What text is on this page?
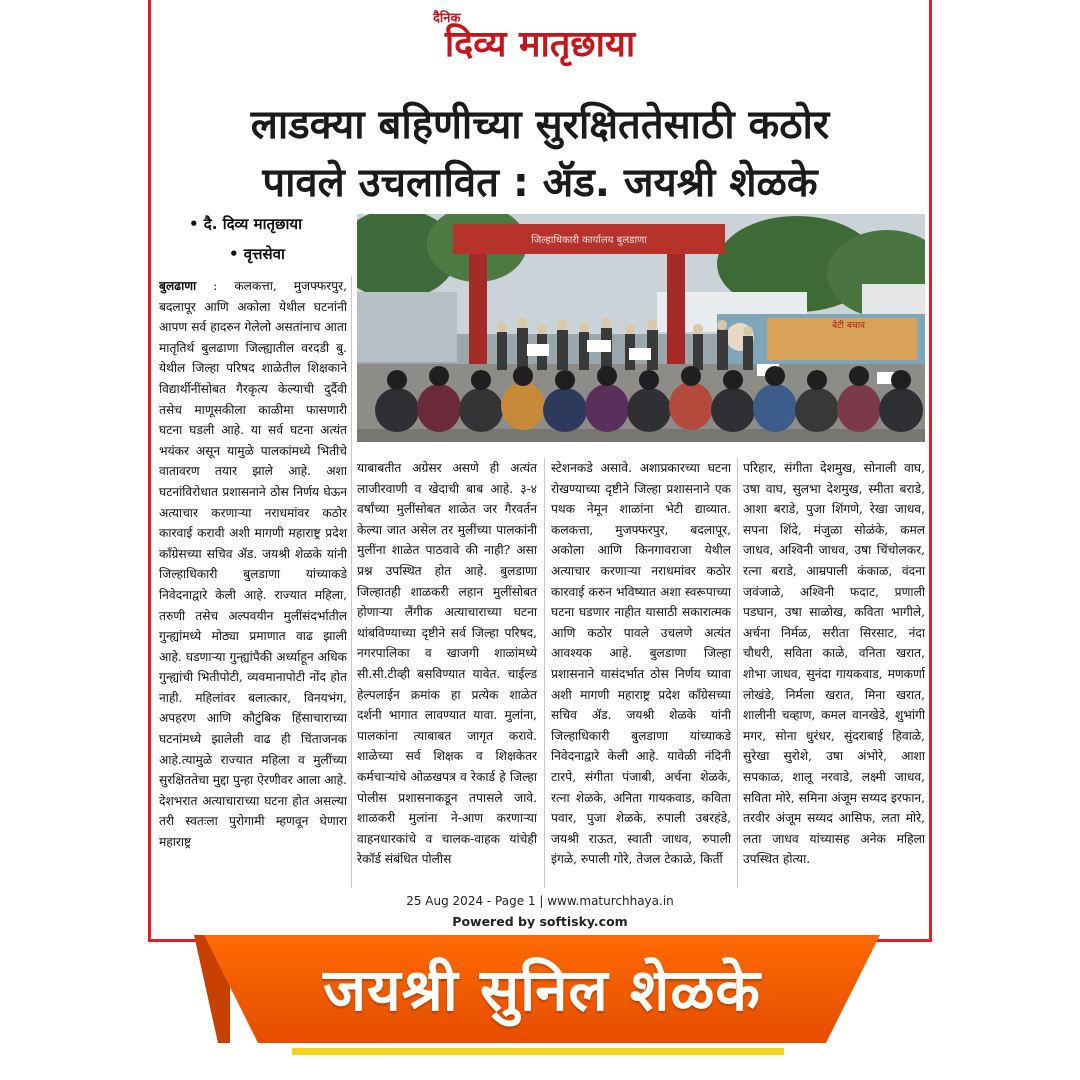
दैनिक
दिव्य मातृछाया
लाडक्या बहिणीच्या सुरक्षिततेसाठी कठोर
पावले उचलावित : ॲड. जयश्री शेळके
• दै. दिव्य मातृछाया
• वृत्तसेवा
बेटी बचाव
जिल्हाधिकारी कार्यालय बुलडाणा

बुलढाणा : कलकत्ता, मुजफ्फरपुर, बदलापूर आणि अकोला येथील घटनांनी आपण सर्व हादरुन गेलेलो असतांनाच आता मातृतिर्थ बुलढाणा जिल्ह्यातील वरदडी बु. येथील जिल्हा परिषद शाळेतील शिक्षकाने विद्यार्थीनींसोबत गैरकृत्य केल्याची दुर्दैवी तसेच माणूसकीला काळीमा फासणारी घटना घडली आहे. या सर्व घटना अत्यंत भयंकर असून यामुळे पालकांमध्ये भितीचे वातावरण तयार झाले आहे. अशा घटनांविरोधात प्रशासनाने ठोस निर्णय घेऊन अत्याचार करणाऱ्या नराधमांवर कठोर कारवाई करावी अशी मागणी महाराष्ट्र प्रदेश काँग्रेसच्या सचिव ॲड. जयश्री शेळके यांनी जिल्हाधिकारी बुलडाणा यांच्याकडे निवेदनाद्वारे केली आहे. राज्यात महिला, तरुणी तसेच अल्पवयीन मुलींसंदर्भातील गुन्ह्यांमध्ये मोठ्या प्रमाणात वाढ झाली आहे. घडणाऱ्या गुन्ह्यांपैकी अर्ध्याहून अधिक गुन्ह्यांची भितीपोटी, व्यवमानापोटी नोंद होत नाही. महिलांवर बलात्कार, विनयभंग, अपहरण आणि कौटुंबिक हिंसाचाराच्या घटनांमध्ये झालेली वाढ ही चिंताजनक आहे.त्यामुळे राज्यात महिला व मुलींच्या सुरक्षिततेचा मुद्दा पुन्हा ऐरणीवर आला आहे. देशभरात अत्याचाराच्या घटना होत असल्या तरी स्वतःला पुरोगामी म्हणवून घेणारा महाराष्ट्र

याबाबतीत अग्रेसर असणे ही अत्यंत लाजीरवाणी व खेदाची बाब आहे. ३-४ वर्षांच्या मुलींसोबत शाळेत जर गैरवर्तन केल्या जात असेल तर मुलींच्या पालकांनी मुलींना शाळेत पाठवावे की नाही? असा प्रश्न उपस्थित होत आहे. बुलडाणा जिल्हातही शाळकरी लहान मुलींसोबत होणाऱ्या लैंगीक अत्याचाराच्या घटना थांबविण्याच्या दृष्टीने सर्व जिल्हा परिषद, नगरपालिका व खाजगी शाळांमध्ये सी.सी.टीव्ही बसविण्यात यावेत. चाईल्ड हेल्पलाईन क्रमांक हा प्रत्येक शाळेत दर्शनी भागात लावण्यात यावा. मुलांना, पालकांना त्याबाबत जागृत करावे. शाळेच्या सर्व शिक्षक व शिक्षकेतर कर्मचाऱ्यांचे ओळखपत्र व रेकार्ड हे जिल्हा पोलीस प्रशासनाकडून तपासले जावे. शाळकरी मुलांना ने-आण करणाऱ्या वाहनधारकांचे व चालक-वाहक यांचेही रेकॉर्ड संबंधित पोलीस

स्टेशनकडे असावे. अशाप्रकारच्या घटना रोखण्याच्या दृष्टीने जिल्हा प्रशासनाने एक पथक नेमून शाळांना भेटी द्याव्यात. कलकत्ता, मुजफ्फरपुर, बदलापूर, अकोला आणि किनगावराजा येथील अत्याचार करणाऱ्या नराधमांवर कठोर कारवाई करुन भविष्यात अशा स्वरूपाच्या घटना घडणार नाहीत यासाठी सकारात्मक आणि कठोर पावले उचलणे अत्यंत आवश्यक आहे. बुलडाणा जिल्हा प्रशासनाने यासंदर्भात ठोस निर्णय घ्यावा अशी मागणी महाराष्ट्र प्रदेश काँग्रेसच्या सचिव ॲड. जयश्री शेळके यांनी जिल्हाधिकारी बुलडाणा यांच्याकडे निवेदनाद्वारे केली आहे. यावेळी नंदिनी टारपे, संगीता पंजाबी, अर्चना शेळके, रत्ना शेळके, अनिता गायकवाड, कविता पवार, पुजा शेळके, रुपाली उबरहंडे, जयश्री राऊत, स्वाती जाधव, रुपाली इंगळे, रुपाली गोरे, तेजल टेकाळे, किर्ती

परिहार, संगीता देशमुख, सोनाली वाघ, उषा वाघ, सुलभा देशमुख, स्मीता बराडे, आशा बराडे, पुजा शिंगणे, रेखा जाधव, सपना शिंदे, मंजुळा सोळंके, कमल जाधव, अश्विनी जाधव, उषा चिंचोलकर, रत्ना बराडे, आम्रपाली कंकाळ, वंदना जवंजाळे, अश्विनी फदाट, प्रणाली पडघान, उषा साळोख, कविता भागीले, अर्चना निर्मळ, सरीता सिरसाट, नंदा चौधरी, सविता काळे, वनिता खरात, शोभा जाधव, सुनंदा गायकवाड, मणकर्णा लोखंडे, निर्मला खरात, मिना खरात, शालीनी चव्हाण, कमल वानखेडे, शुभांगी मगर, सोना धुरंधर, सुंदराबाई हिवाळे, सुरेखा सुरोशे, उषा अंभोरे, आशा सपकाळ, शालू नरवाडे, लक्ष्मी जाधव, सविता मोरे, समिना अंजूम सय्यद इरफान, तरवीर अंजूम सय्यद आसिफ, लता मोरे, लता जाधव यांच्यासह अनेक महिला उपस्थित होत्या.

25 Aug 2024 - Page 1 | www.maturchhaya.in
Powered by softisky.com
जयश्री सुनिल शेळके
